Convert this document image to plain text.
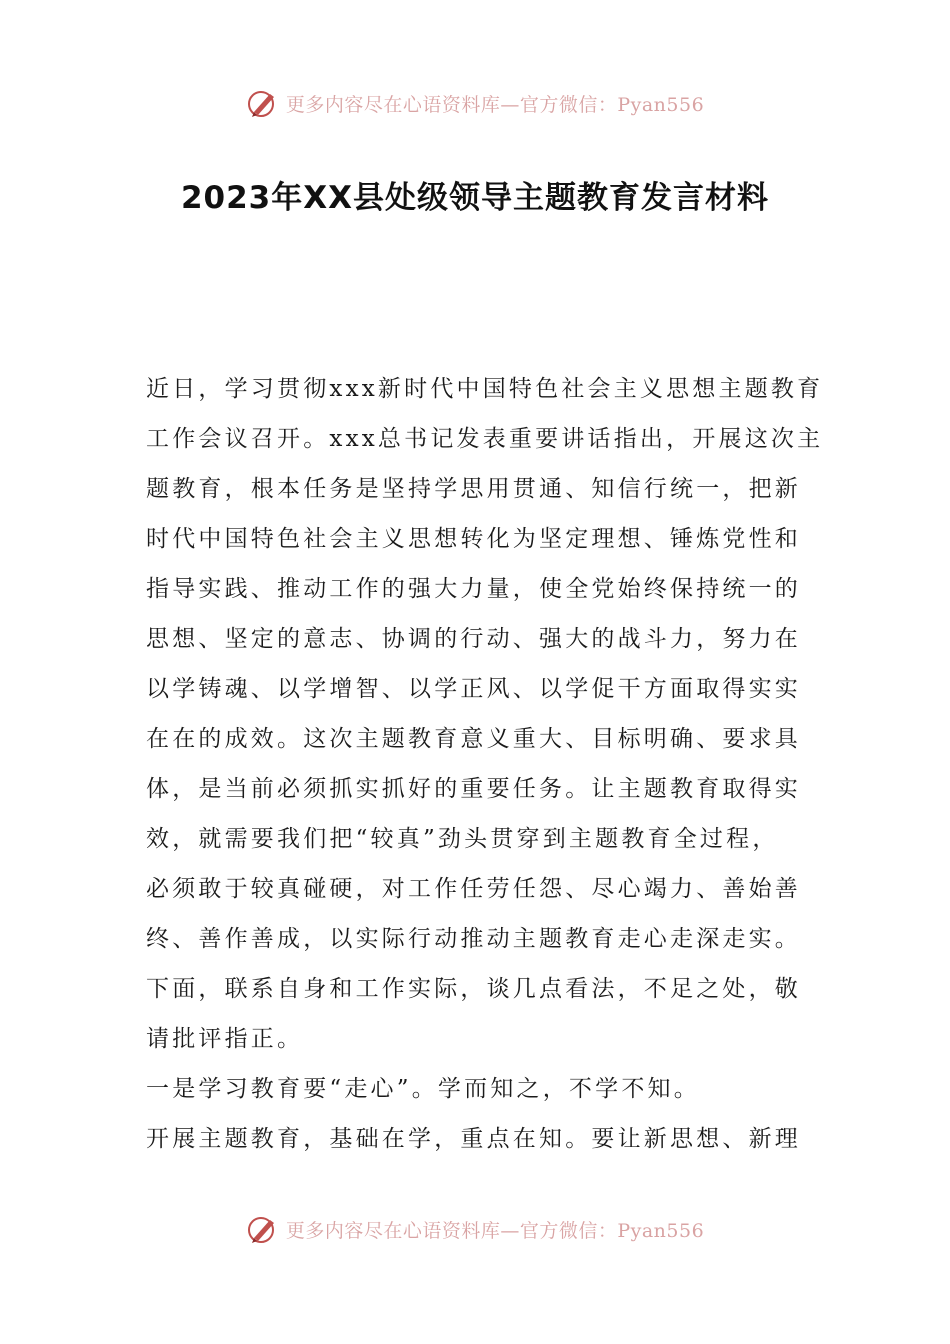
更多内容尽在心语资料库—官方微信：Pyan556
2023年XX县处级领导主题教育发言材料

近日，学习贯彻xxx新时代中国特色社会主义思想主题教育
工作会议召开。xxx总书记发表重要讲话指出，开展这次主
题教育，根本任务是坚持学思用贯通、知信行统一，把新
时代中国特色社会主义思想转化为坚定理想、锤炼党性和
指导实践、推动工作的强大力量，使全党始终保持统一的
思想、坚定的意志、协调的行动、强大的战斗力，努力在
以学铸魂、以学增智、以学正风、以学促干方面取得实实
在在的成效。这次主题教育意义重大、目标明确、要求具
体，是当前必须抓实抓好的重要任务。让主题教育取得实
效，就需要我们把“较真”劲头贯穿到主题教育全过程，
必须敢于较真碰硬，对工作任劳任怨、尽心竭力、善始善
终、善作善成，以实际行动推动主题教育走心走深走实。
下面，联系自身和工作实际，谈几点看法，不足之处，敬
请批评指正。

一是学习教育要“走心”。学而知之，不学不知。

开展主题教育，基础在学，重点在知。要让新思想、新理

更多内容尽在心语资料库—官方微信：Pyan556
